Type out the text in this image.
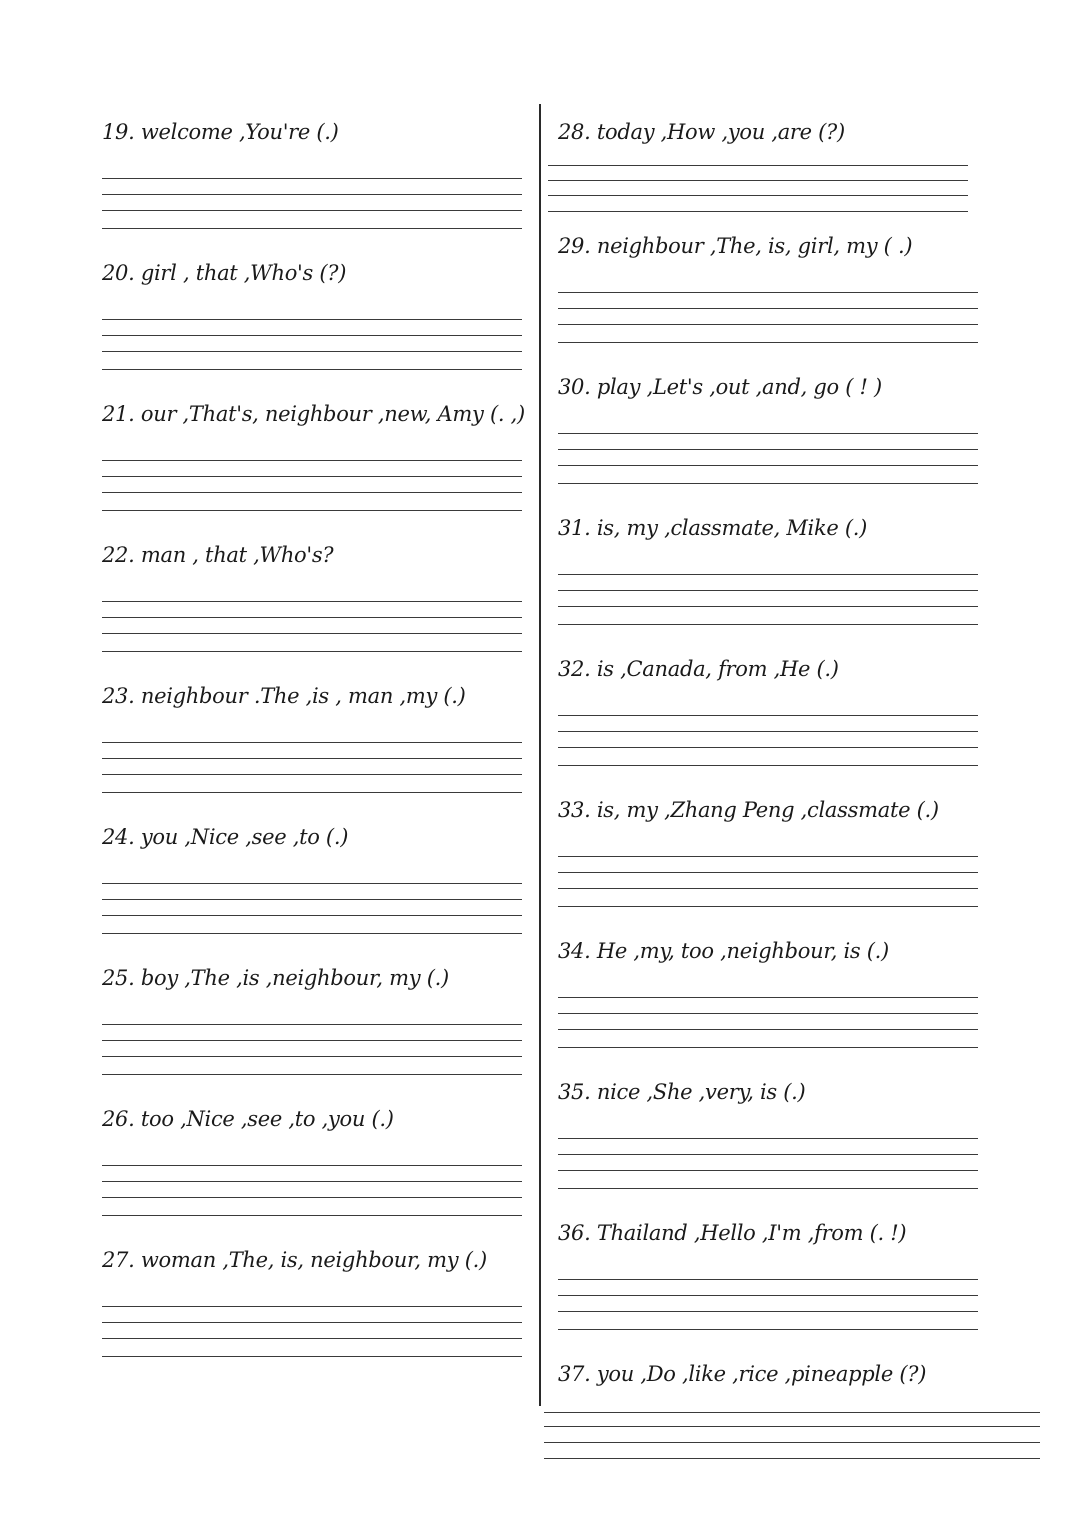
19. welcome ,You're (.)
20. girl , that ,Who's (?)
21. our ,That's, neighbour ,new, Amy (. ,)
22. man , that ,Who's?
23. neighbour .The ,is , man ,my (.)
24. you ,Nice ,see ,to (.)
25. boy ,The ,is ,neighbour, my (.)
26. too ,Nice ,see ,to ,you (.)
27. woman ,The, is, neighbour, my (.)
28. today ,How ,you ,are (?)
29. neighbour ,The, is, girl, my ( .)
30. play ,Let's ,out ,and, go ( ! )
31. is, my ,classmate, Mike (.)
32. is ,Canada, from ,He (.)
33. is, my ,Zhang Peng ,classmate (.)
34. He ,my, too ,neighbour, is (.)
35. nice ,She ,very, is (.)
36. Thailand ,Hello ,I'm ,from (. !)
37. you ,Do ,like ,rice ,pineapple (?)
